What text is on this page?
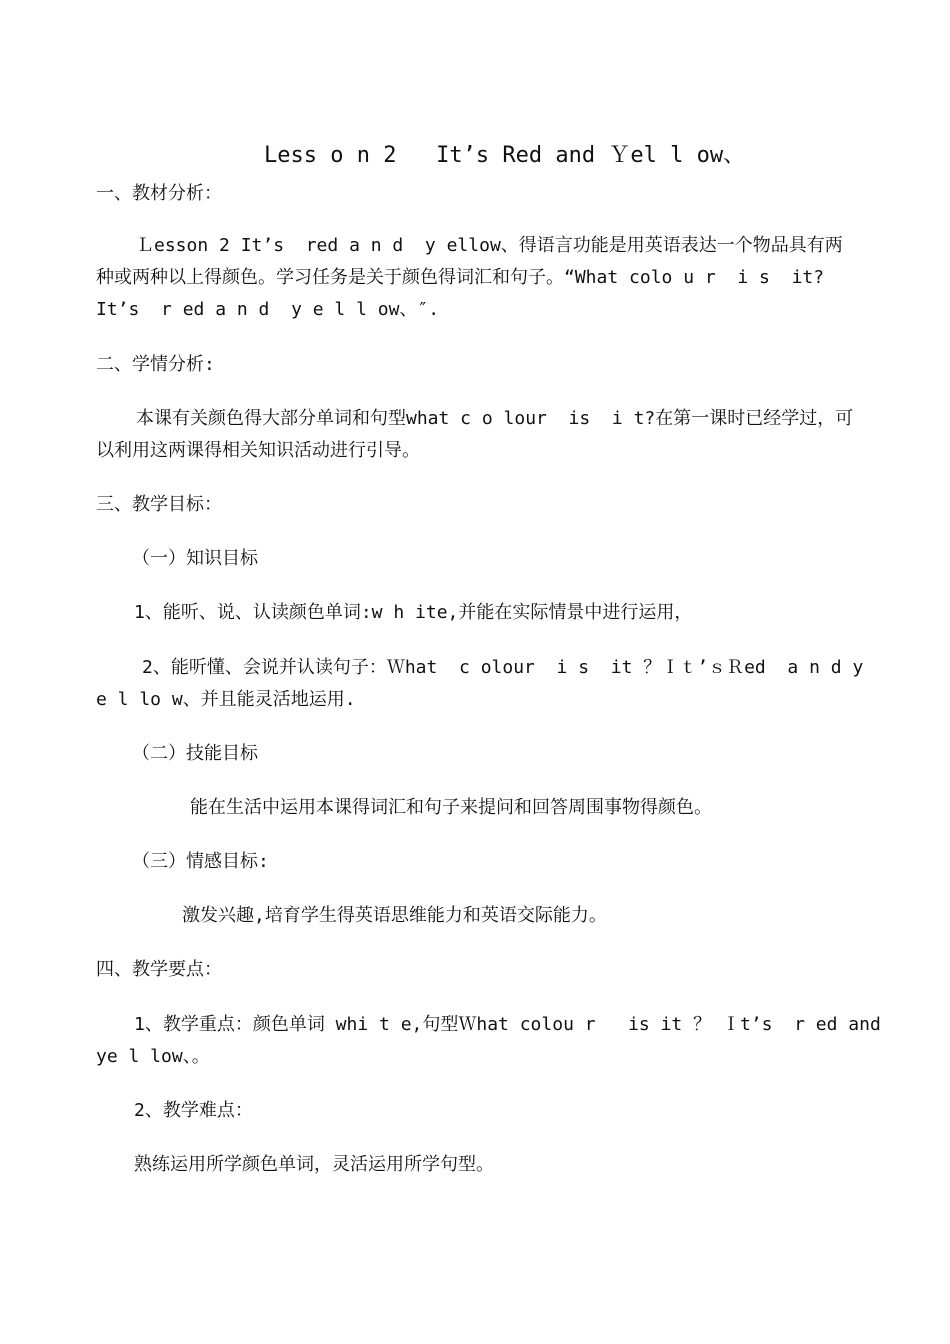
Less o n 2   It’s Red and Ｙel l ow、
一、教材分析：
Ｌesson 2 It’s  red a n d  y ellow、得语言功能是用英语表达一个物品具有两
种或两种以上得颜色。学习任务是关于颜色得词汇和句子。“What colo u r  i s  it?
It’s  r ed a n d  y e l l ow、″.
二、学情分析:
本课有关颜色得大部分单词和句型what c o lour  is  i t?在第一课时已经学过，可
以利用这两课得相关知识活动进行引导。
三、教学目标：
（一）知识目标
1、能听、说、认读颜色单词:w h ite,并能在实际情景中进行运用，
2、能听懂、会说并认读句子：Ｗhat  c olour  i s  it ？ＩｔʼｓＲed  a n d y
e l lo w、并且能灵活地运用.
（二）技能目标
能在生活中运用本课得词汇和句子来提问和回答周围事物得颜色。
（三）情感目标:
激发兴趣,培育学生得英语思维能力和英语交际能力。
四、教学要点：
1、教学重点：颜色单词 whi t e,句型Ｗhat colou r   is it ？ Ｉt’s  r ed and
ye l low、。
2、教学难点：
熟练运用所学颜色单词，灵活运用所学句型。
